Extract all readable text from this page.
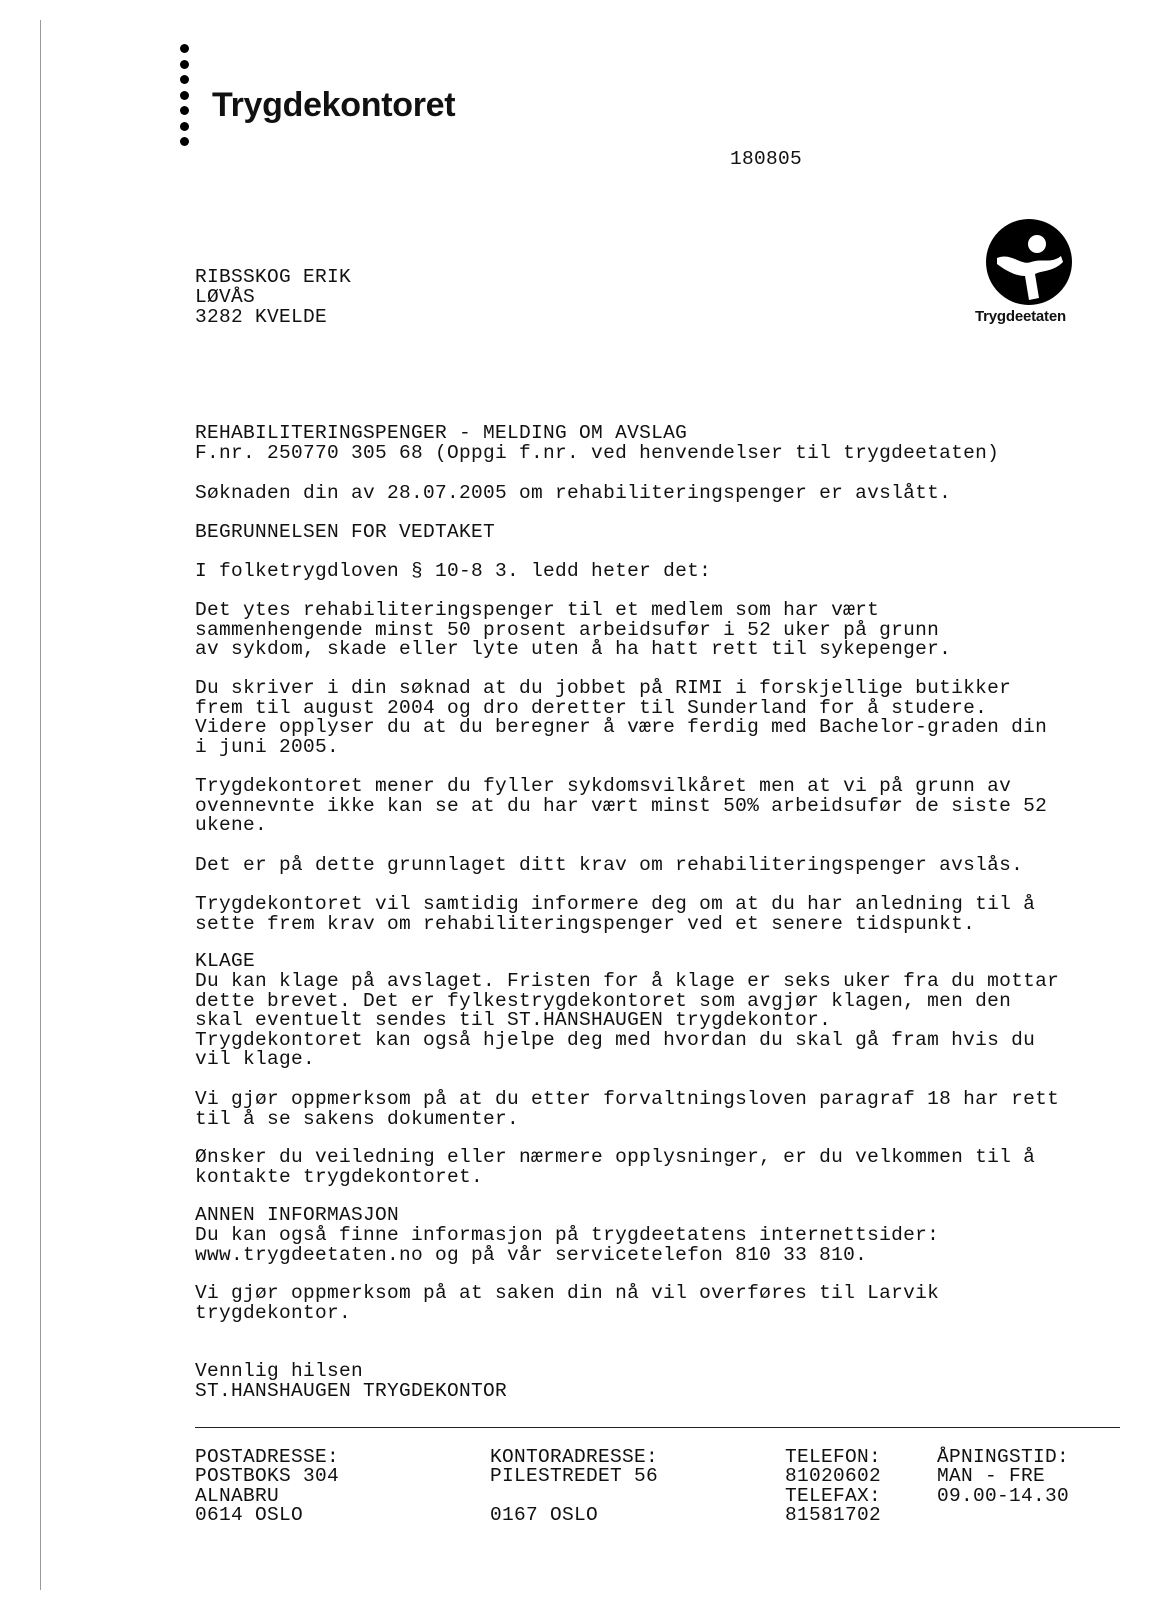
Trygdekontoret
180805
Trygdeetaten
RIBSSKOG ERIK
LØVÅS
3282 KVELDE
REHABILITERINGSPENGER - MELDING OM AVSLAG
F.nr. 250770 305 68 (Oppgi f.nr. ved henvendelser til trygdeetaten)
Søknaden din av 28.07.2005 om rehabiliteringspenger er avslått.
BEGRUNNELSEN FOR VEDTAKET
I folketrygdloven § 10-8 3. ledd heter det:
Det ytes rehabiliteringspenger til et medlem som har vært
sammenhengende minst 50 prosent arbeidsufør i 52 uker på grunn
av sykdom, skade eller lyte uten å ha hatt rett til sykepenger.
Du skriver i din søknad at du jobbet på RIMI i forskjellige butikker
frem til august 2004 og dro deretter til Sunderland for å studere.
Videre opplyser du at du beregner å være ferdig med Bachelor-graden din
i juni 2005.
Trygdekontoret mener du fyller sykdomsvilkåret men at vi på grunn av
ovennevnte ikke kan se at du har vært minst 50% arbeidsufør de siste 52
ukene.
Det er på dette grunnlaget ditt krav om rehabiliteringspenger avslås.
Trygdekontoret vil samtidig informere deg om at du har anledning til å
sette frem krav om rehabiliteringspenger ved et senere tidspunkt.
KLAGE
Du kan klage på avslaget. Fristen for å klage er seks uker fra du mottar
dette brevet. Det er fylkestrygdekontoret som avgjør klagen, men den
skal eventuelt sendes til ST.HANSHAUGEN trygdekontor.
Trygdekontoret kan også hjelpe deg med hvordan du skal gå fram hvis du
vil klage.
Vi gjør oppmerksom på at du etter forvaltningsloven paragraf 18 har rett
til å se sakens dokumenter.
Ønsker du veiledning eller nærmere opplysninger, er du velkommen til å
kontakte trygdekontoret.
ANNEN INFORMASJON
Du kan også finne informasjon på trygdeetatens internettsider:
www.trygdeetaten.no og på vår servicetelefon 810 33 810.
Vi gjør oppmerksom på at saken din nå vil overføres til Larvik
trygdekontor.
Vennlig hilsen
ST.HANSHAUGEN TRYGDEKONTOR

POSTADRESSE:
POSTBOKS 304
ALNABRU
0614 OSLO

KONTORADRESSE:
PILESTREDET 56

0167 OSLO

TELEFON:
81020602
TELEFAX:
81581702

ÅPNINGSTID:
MAN - FRE
09.00-14.30
